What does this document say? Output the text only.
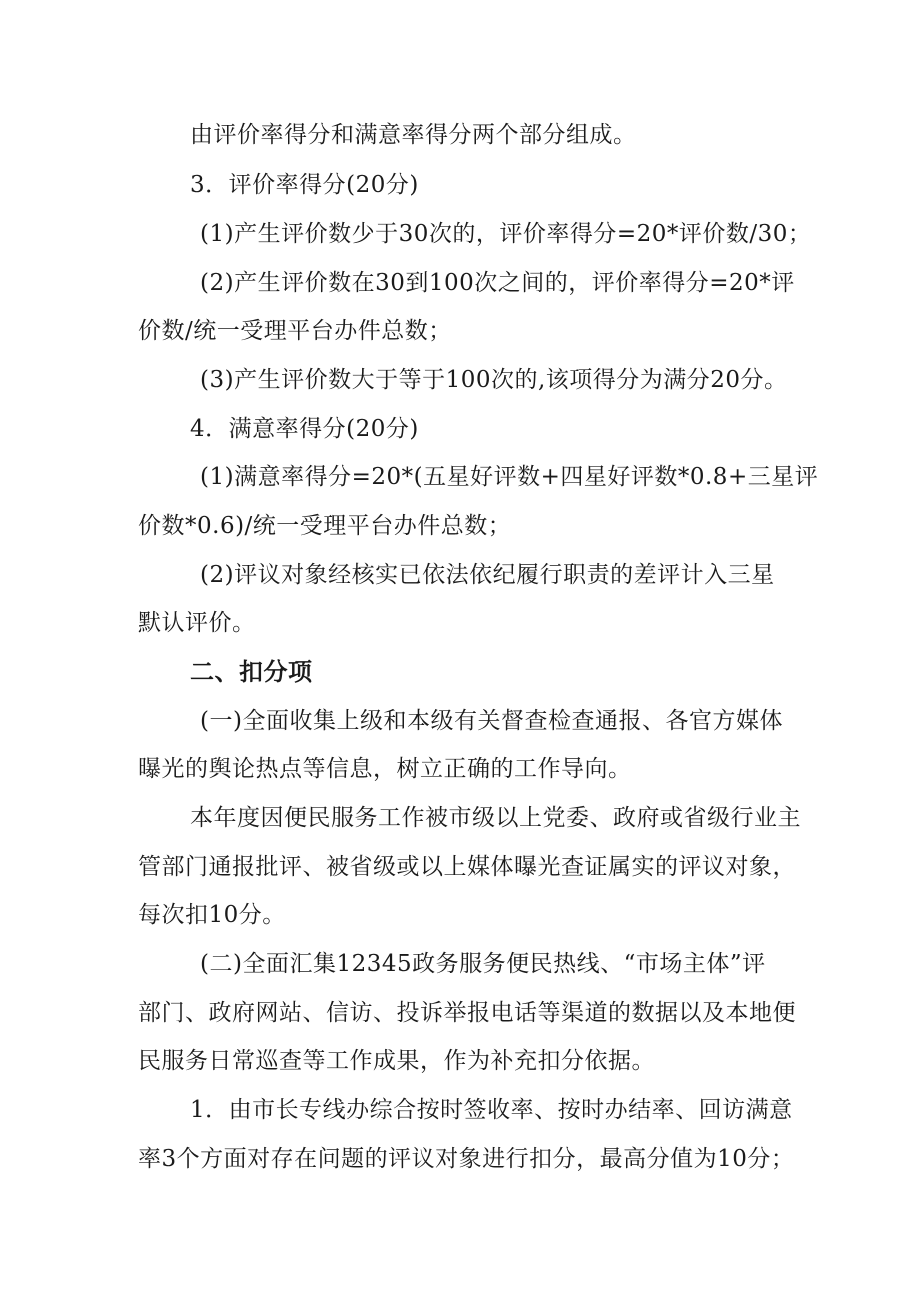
由评价率得分和满意率得分两个部分组成。
3．评价率得分(20分)
(1)产生评价数少于30次的，评价率得分=20*评价数/30；
(2)产生评价数在30到100次之间的，评价率得分=20*评
价数/统一受理平台办件总数；
(3)产生评价数大于等于100次的,该项得分为满分20分。
4．满意率得分(20分)
(1)满意率得分=20*(五星好评数+四星好评数*0.8+三星评
价数*0.6)/统一受理平台办件总数；
(2)评议对象经核实已依法依纪履行职责的差评计入三星
默认评价。
二、扣分项
(一)全面收集上级和本级有关督查检查通报、各官方媒体
曝光的舆论热点等信息，树立正确的工作导向。
本年度因便民服务工作被市级以上党委、政府或省级行业主
管部门通报批评、被省级或以上媒体曝光查证属实的评议对象，
每次扣10分。
(二)全面汇集12345政务服务便民热线、“市场主体”评
部门、政府网站、信访、投诉举报电话等渠道的数据以及本地便
民服务日常巡查等工作成果，作为补充扣分依据。
1．由市长专线办综合按时签收率、按时办结率、回访满意
率3个方面对存在问题的评议对象进行扣分，最高分值为10分；
